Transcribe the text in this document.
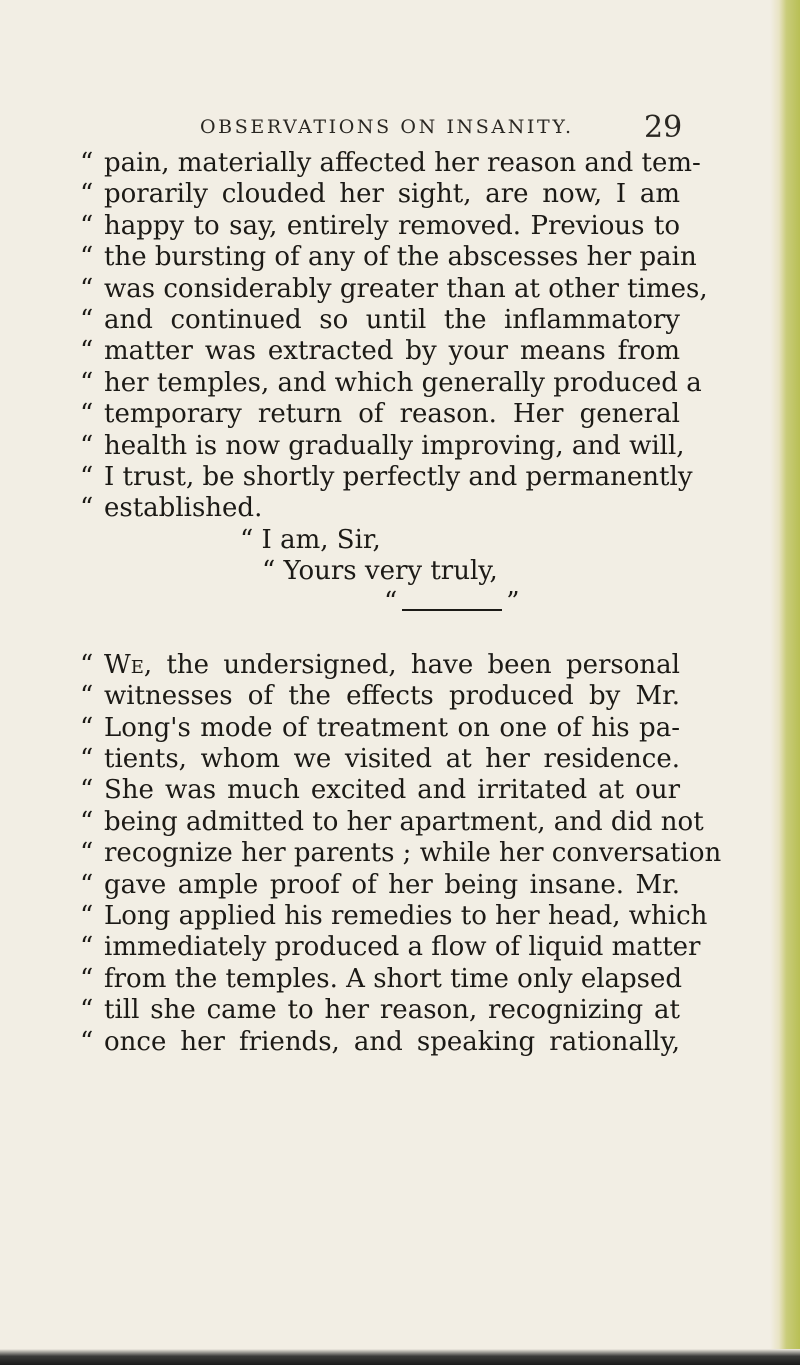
OBSERVATIONS ON INSANITY. 29
“ pain, materially affected her reason and tem-
“ porarily clouded her sight, are now, I am
“ happy to say, entirely removed. Previous to
“ the bursting of any of the abscesses her pain
“ was considerably greater than at other times,
“ and continued so until the inflammatory
“ matter was extracted by your means from
“ her temples, and which generally produced a
“ temporary return of reason. Her general
“ health is now gradually improving, and will,
“ I trust, be shortly perfectly and permanently
“ established.
“ I am, Sir,
“ Yours very truly,
“	”
“ We, the undersigned, have been personal
“ witnesses of the effects produced by Mr.
“ Long's mode of treatment on one of his pa-
“ tients, whom we visited at her residence.
“ She was much excited and irritated at our
“ being admitted to her apartment, and did not
“ recognize her parents ; while her conversation
“ gave ample proof of her being insane. Mr.
“ Long applied his remedies to her head, which
“ immediately produced a flow of liquid matter
“ from the temples. A short time only elapsed
“ till she came to her reason, recognizing at
“ once her friends, and speaking rationally,
